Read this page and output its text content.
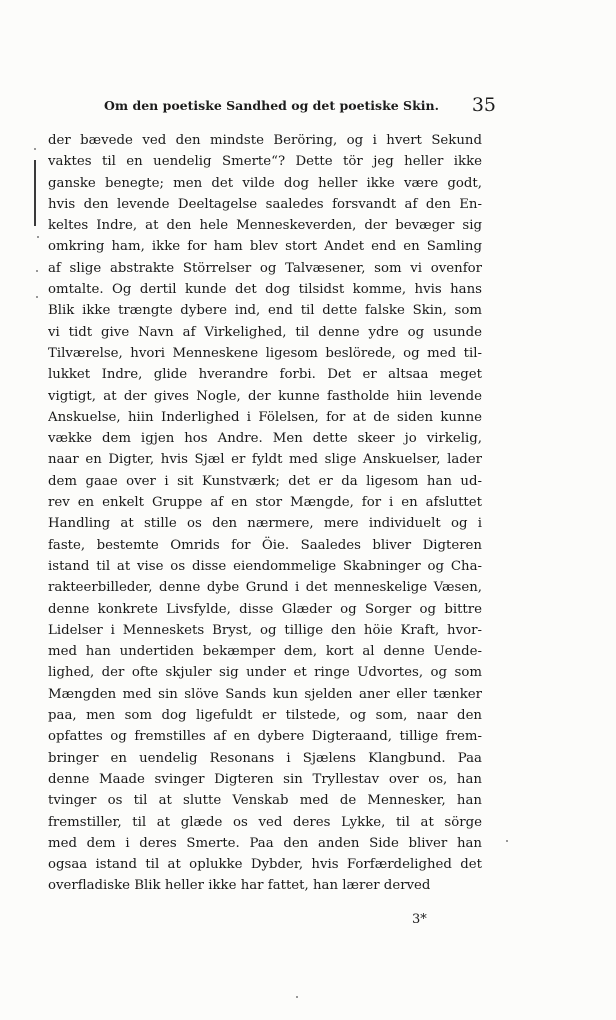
Om den poetiske Sandhed og det poetiske Skin. 35
der bævede ved den mindste Beröring, og i hvert Sekund
vaktes til en uendelig Smerte“? Dette tör jeg heller ikke
ganske benegte; men det vilde dog heller ikke være godt,
hvis den levende Deeltagelse saaledes forsvandt af den En-
keltes Indre, at den hele Menneskeverden, der bevæger sig
omkring ham, ikke for ham blev stort Andet end en Samling
af slige abstrakte Störrelser og Talvæsener, som vi ovenfor
omtalte. Og dertil kunde det dog tilsidst komme, hvis hans
Blik ikke trængte dybere ind, end til dette falske Skin, som
vi tidt give Navn af Virkelighed, til denne ydre og usunde
Tilværelse, hvori Menneskene ligesom beslörede, og med til-
lukket Indre, glide hverandre forbi. Det er altsaa meget
vigtigt, at der gives Nogle, der kunne fastholde hiin levende
Anskuelse, hiin Inderlighed i Fölelsen, for at de siden kunne
vække dem igjen hos Andre. Men dette skeer jo virkelig,
naar en Digter, hvis Sjæl er fyldt med slige Anskuelser, lader
dem gaae over i sit Kunstværk; det er da ligesom han ud-
rev en enkelt Gruppe af en stor Mængde, for i en afsluttet
Handling at stille os den nærmere, mere individuelt og i
faste, bestemte Omrids for Öie. Saaledes bliver Digteren
istand til at vise os disse eiendommelige Skabninger og Cha-
rakteerbilleder, denne dybe Grund i det menneskelige Væsen,
denne konkrete Livsfylde, disse Glæder og Sorger og bittre
Lidelser i Menneskets Bryst, og tillige den höie Kraft, hvor-
med han undertiden bekæmper dem, kort al denne Uende-
lighed, der ofte skjuler sig under et ringe Udvortes, og som
Mængden med sin slöve Sands kun sjelden aner eller tænker
paa, men som dog ligefuldt er tilstede, og som, naar den
opfattes og fremstilles af en dybere Digteraand, tillige frem-
bringer en uendelig Resonans i Sjælens Klangbund. Paa
denne Maade svinger Digteren sin Tryllestav over os, han
tvinger os til at slutte Venskab med de Mennesker, han
fremstiller, til at glæde os ved deres Lykke, til at sörge
med dem i deres Smerte. Paa den anden Side bliver han
ogsaa istand til at oplukke Dybder, hvis Forfærdelighed det
overfladiske Blik heller ikke har fattet, han lærer derved
3*
